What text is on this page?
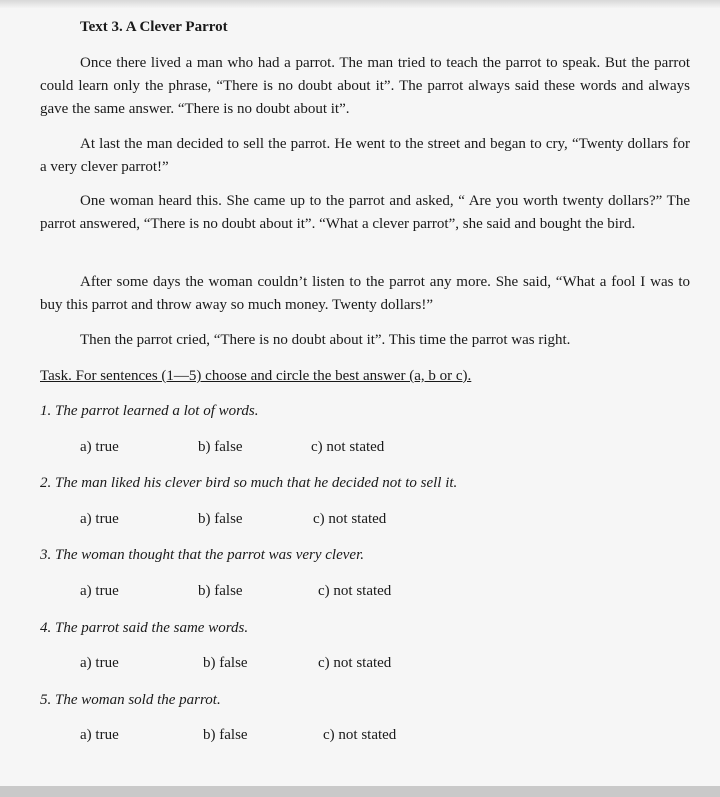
Text 3. A Clever Parrot
Once there lived a man who had a parrot. The man tried to teach the parrot to speak. But the parrot could learn only the phrase, “There is no doubt about it”. The parrot always said these words and always gave the same answer. “There is no doubt about it”.
At last the man decided to sell the parrot. He went to the street and began to cry, “Twenty dollars for a very clever parrot!”
One woman heard this. She came up to the parrot and asked, “ Are you worth twenty dollars?” The parrot answered, “There is no doubt about it”. “What a clever parrot”, she said and bought the bird.
After some days the woman couldn’t listen to the parrot any more. She said, “What a fool I was to buy this parrot and throw away so much money. Twenty dollars!”
Then the parrot cried, “There is no doubt about it”. This time the parrot was right.
Task. For sentences (1—5) choose and circle the best answer (a, b or c).
1. The parrot learned a lot of words.
a) true	b) false	c) not stated
2. The man liked his clever bird so much that he decided not to sell it.
a) true	b) false	c) not stated
3. The woman thought that the parrot was very clever.
a) true	b) false	c) not stated
4. The parrot said the same words.
a) true	b) false	c) not stated
5. The woman sold the parrot.
a) true	b) false	c) not stated
